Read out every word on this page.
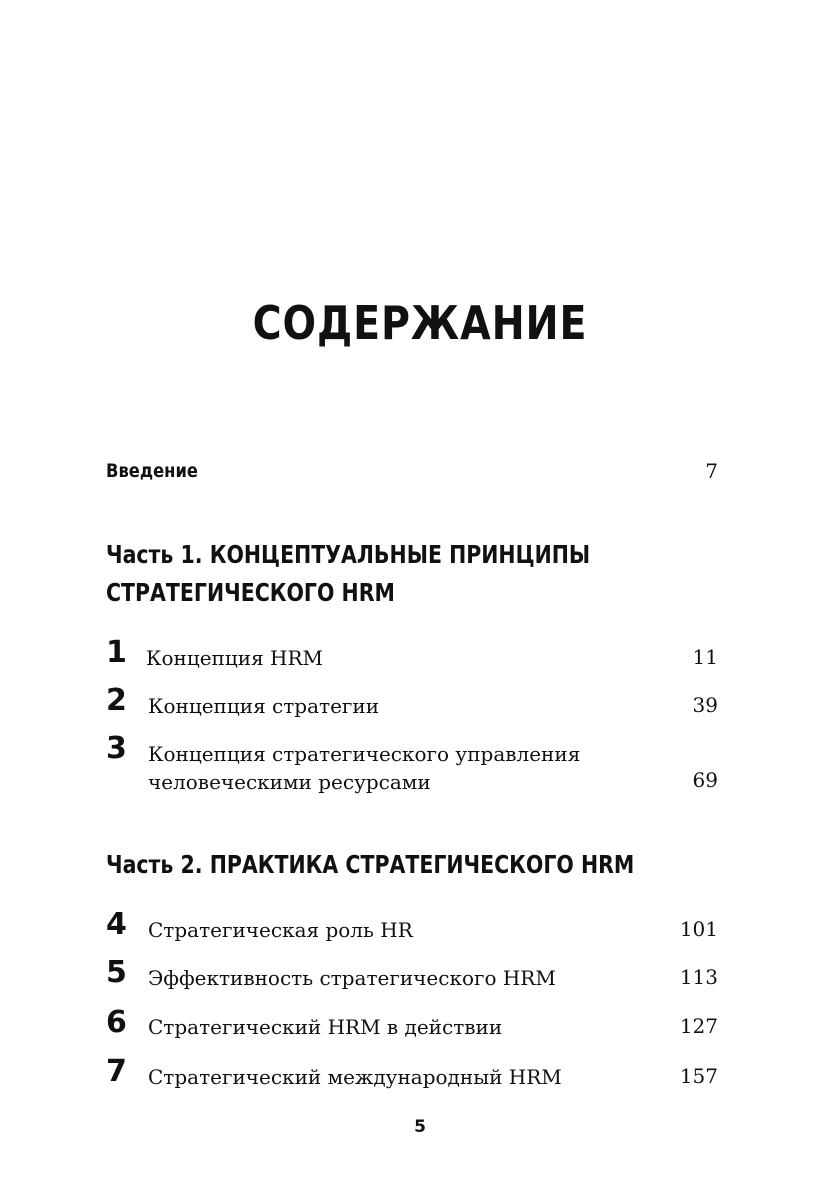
СОДЕРЖАНИЕ
Введение	7
Часть 1. КОНЦЕПТУАЛЬНЫЕ ПРИНЦИПЫ
СТРАТЕГИЧЕСКОГО HRM
1 Концепция HRM	11
2 Концепция стратегии	39
3 Концепция стратегического управления
человеческими ресурсами	69
Часть 2. ПРАКТИКА СТРАТЕГИЧЕСКОГО HRM
4 Стратегическая роль HR	101
5 Эффективность стратегического HRM	113
6 Стратегический HRM в действии	127
7 Стратегический международный HRM	157
5
